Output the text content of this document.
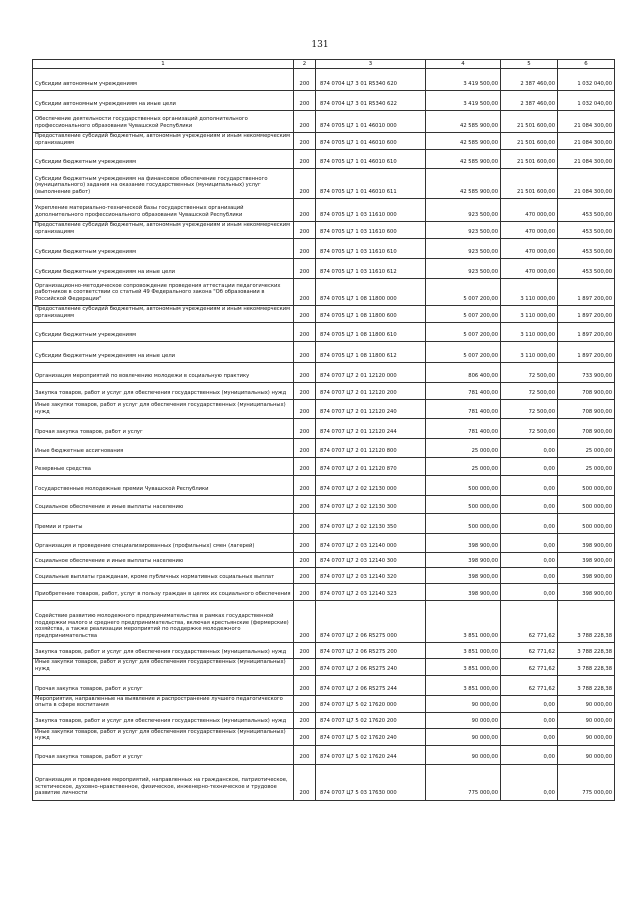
131
1	2	3	4	5	6
Субсидии автономным учреждениям	200	874 0704 Ц7 3 01 R5340 620	3 419 500,00	2 387 460,00	1 032 040,00
Субсидии автономным учреждениям на иные цели	200	874 0704 Ц7 3 01 R5340 622	3 419 500,00	2 387 460,00	1 032 040,00
Обеспечение деятельности государственных организаций дополнительного профессионального образования Чувашской Республики	200	874 0705 Ц7 1 01 46010 000	42 585 900,00	21 501 600,00	21 084 300,00
Предоставление субсидий бюджетным, автономным учреждениям и иным некоммерческим организациям	200	874 0705 Ц7 1 01 46010 600	42 585 900,00	21 501 600,00	21 084 300,00
Субсидии бюджетным учреждениям	200	874 0705 Ц7 1 01 46010 610	42 585 900,00	21 501 600,00	21 084 300,00
Субсидии бюджетным учреждениям на финансовое обеспечение государственного (муниципального) задания на оказание государственных (муниципальных) услуг (выполнение работ)	200	874 0705 Ц7 1 01 46010 611	42 585 900,00	21 501 600,00	21 084 300,00
Укрепление материально-технической базы государственных организаций дополнительного профессионального образования Чувашской Республики	200	874 0705 Ц7 1 03 11610 000	923 500,00	470 000,00	453 500,00
Предоставление субсидий бюджетным, автономным учреждениям и иным некоммерческим организациям	200	874 0705 Ц7 1 03 11610 600	923 500,00	470 000,00	453 500,00
Субсидии бюджетным учреждениям	200	874 0705 Ц7 1 03 11610 610	923 500,00	470 000,00	453 500,00
Субсидии бюджетным учреждениям на иные цели	200	874 0705 Ц7 1 03 11610 612	923 500,00	470 000,00	453 500,00
Организационно-методическое сопровождение проведения аттестации педагогических работников в соответствии со статьей 49 Федерального закона "Об образовании в Российской Федерации"	200	874 0705 Ц7 1 08 11800 000	5 007 200,00	3 110 000,00	1 897 200,00
Предоставление субсидий бюджетным, автономным учреждениям и иным некоммерческим организациям	200	874 0705 Ц7 1 08 11800 600	5 007 200,00	3 110 000,00	1 897 200,00
Субсидии бюджетным учреждениям	200	874 0705 Ц7 1 08 11800 610	5 007 200,00	3 110 000,00	1 897 200,00
Субсидии бюджетным учреждениям на иные цели	200	874 0705 Ц7 1 08 11800 612	5 007 200,00	3 110 000,00	1 897 200,00
Организация мероприятий по вовлечению молодежи в социальную практику	200	874 0707 Ц7 2 01 12120 000	806 400,00	72 500,00	733 900,00
Закупка товаров, работ и услуг для обеспечения государственных (муниципальных) нужд	200	874 0707 Ц7 2 01 12120 200	781 400,00	72 500,00	708 900,00
Иные закупки товаров, работ и услуг для обеспечения государственных (муниципальных) нужд	200	874 0707 Ц7 2 01 12120 240	781 400,00	72 500,00	708 900,00
Прочая закупка товаров, работ и услуг	200	874 0707 Ц7 2 01 12120 244	781 400,00	72 500,00	708 900,00
Иные бюджетные ассигнования	200	874 0707 Ц7 2 01 12120 800	25 000,00	0,00	25 000,00
Резервные средства	200	874 0707 Ц7 2 01 12120 870	25 000,00	0,00	25 000,00
Государственные молодежные премии Чувашской Республики	200	874 0707 Ц7 2 02 12130 000	500 000,00	0,00	500 000,00
Социальное обеспечение и иные выплаты населению	200	874 0707 Ц7 2 02 12130 300	500 000,00	0,00	500 000,00
Премии и гранты	200	874 0707 Ц7 2 02 12130 350	500 000,00	0,00	500 000,00
Организация и проведение специализированных (профильных) смен (лагерей)	200	874 0707 Ц7 2 03 12140 000	398 900,00	0,00	398 900,00
Социальное обеспечение и иные выплаты населению	200	874 0707 Ц7 2 03 12140 300	398 900,00	0,00	398 900,00
Социальные выплаты гражданам, кроме публичных нормативных социальных выплат	200	874 0707 Ц7 2 03 12140 320	398 900,00	0,00	398 900,00
Приобретение товаров, работ, услуг в пользу граждан в целях их социального обеспечения	200	874 0707 Ц7 2 03 12140 323	398 900,00	0,00	398 900,00
Содействие развитию молодежного предпринимательства в рамках государственной поддержки малого и среднего предпринимательства, включая крестьянские (фермерские) хозяйства, а также реализации мероприятий по поддержке молодежного предпринимательства	200	874 0707 Ц7 2 06 R5275 000	3 851 000,00	62 771,62	3 788 228,38
Закупка товаров, работ и услуг для обеспечения государственных (муниципальных) нужд	200	874 0707 Ц7 2 06 R5275 200	3 851 000,00	62 771,62	3 788 228,38
Иные закупки товаров, работ и услуг для обеспечения государственных (муниципальных) нужд	200	874 0707 Ц7 2 06 R5275 240	3 851 000,00	62 771,62	3 788 228,38
Прочая закупка товаров, работ и услуг	200	874 0707 Ц7 2 06 R5275 244	3 851 000,00	62 771,62	3 788 228,38
Мероприятия, направленные на выявление и распространение лучшего педагогического опыта в сфере воспитания	200	874 0707 Ц7 5 02 17620 000	90 000,00	0,00	90 000,00
Закупка товаров, работ и услуг для обеспечения государственных (муниципальных) нужд	200	874 0707 Ц7 5 02 17620 200	90 000,00	0,00	90 000,00
Иные закупки товаров, работ и услуг для обеспечения государственных (муниципальных) нужд	200	874 0707 Ц7 5 02 17620 240	90 000,00	0,00	90 000,00
Прочая закупка товаров, работ и услуг	200	874 0707 Ц7 5 02 17620 244	90 000,00	0,00	90 000,00
Организация и проведение мероприятий, направленных на гражданское, патриотическое, эстетическое, духовно-нравственное, физическое, инженерно-техническое и трудовое развитие личности	200	874 0707 Ц7 5 03 17630 000	775 000,00	0,00	775 000,00
